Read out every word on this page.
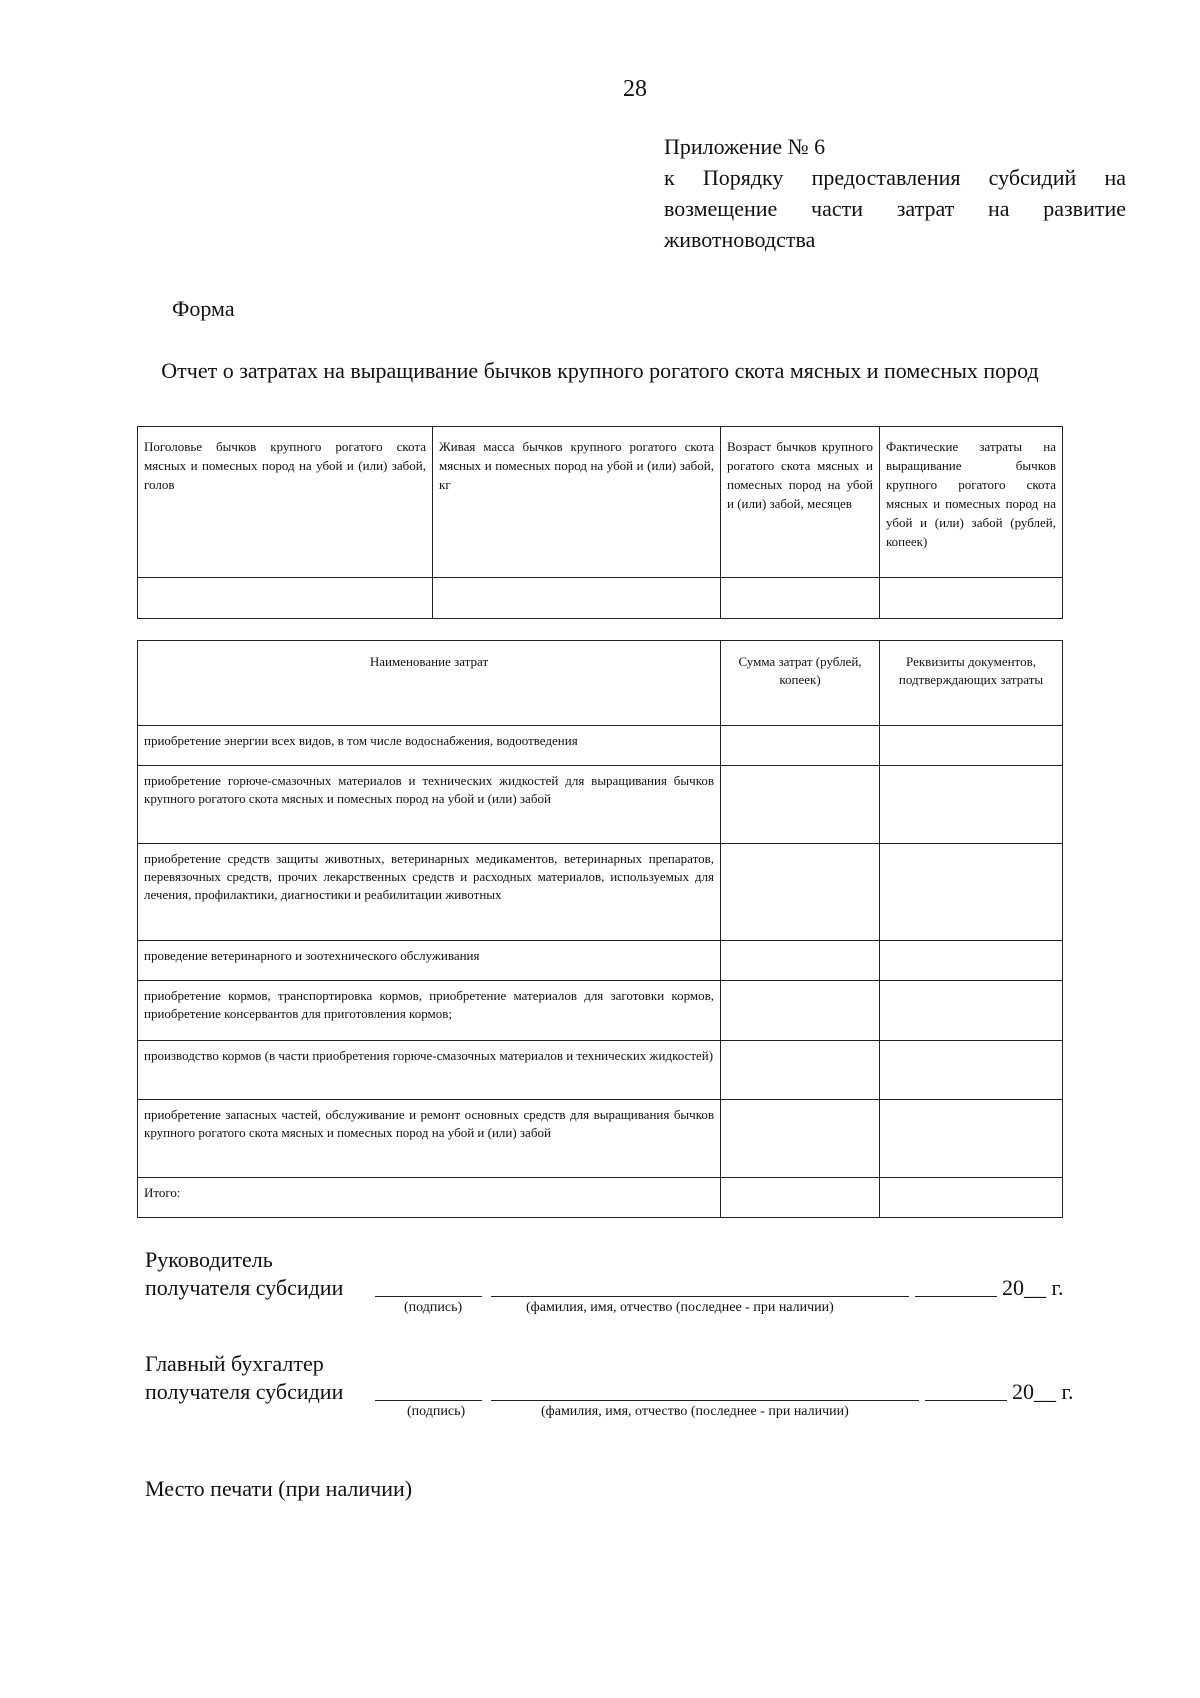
28
Приложение № 6
к Порядку предоставления субсидий на
возмещение части затрат на развитие
животноводства
Форма
Отчет о затратах на выращивание бычков крупного рогатого скота мясных и помесных пород
Поголовье бычков крупного рогатого скота мясных и помесных пород на убой и (или) забой, голов	Живая масса бычков крупного рогатого скота мясных и помесных пород на убой и (или) забой, кг	Возраст бычков крупного рогатого скота мясных и помесных пород на убой и (или) забой, месяцев	Фактические затраты на выращивание бычков крупного рогатого скота мясных и помесных пород на убой и (или) забой (рублей, копеек)

Наименование затрат	Сумма затрат (рублей, копеек)	Реквизиты документов, подтверждающих затраты
приобретение энергии всех видов, в том числе водоснабжения, водоотведения		
приобретение горюче-смазочных материалов и технических жидкостей для выращивания бычков крупного рогатого скота мясных и помесных пород на убой и (или) забой		
приобретение средств защиты животных, ветеринарных медикаментов, ветеринарных препаратов, перевязочных средств, прочих лекарственных средств и расходных материалов, используемых для лечения, профилактики, диагностики и реабилитации животных		
проведение ветеринарного и зоотехнического обслуживания		
приобретение кормов, транспортировка кормов, приобретение материалов для заготовки кормов, приобретение консервантов для приготовления кормов;		
производство кормов (в части приобретения горюче-смазочных материалов и технических жидкостей)		
приобретение запасных частей, обслуживание и ремонт основных средств для выращивания бычков крупного рогатого скота мясных и помесных пород на убой и (или) забой		
Итого:		
Руководитель
получателя субсидии	20__ г.
(подпись)	(фамилия, имя, отчество (последнее - при наличии)
Главный бухгалтер
получателя субсидии	20__ г.
(подпись)	(фамилия, имя, отчество (последнее - при наличии)
Место печати (при наличии)
